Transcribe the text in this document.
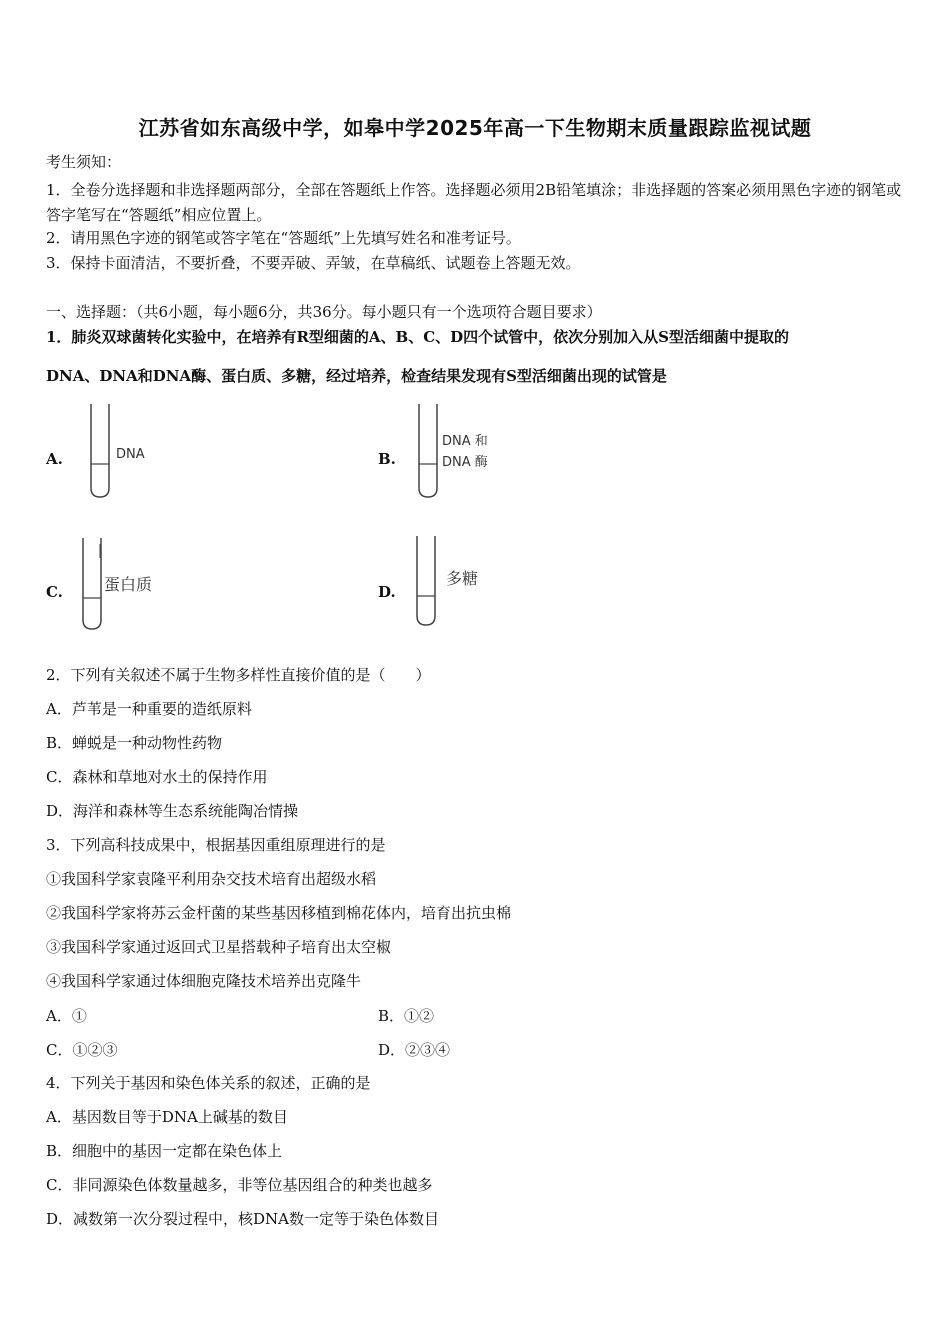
江苏省如东高级中学，如皋中学2025年高一下生物期末质量跟踪监视试题
考生须知：
1．全卷分选择题和非选择题两部分，全部在答题纸上作答。选择题必须用2B铅笔填涂；非选择题的答案必须用黑色字迹的钢笔或答字笔写在“答题纸”相应位置上。
2．请用黑色字迹的钢笔或答字笔在“答题纸”上先填写姓名和准考证号。
3．保持卡面清洁，不要折叠，不要弄破、弄皱，在草稿纸、试题卷上答题无效。
一、选择题：（共6小题，每小题6分，共36分。每小题只有一个选项符合题目要求）
1．肺炎双球菌转化实验中，在培养有R型细菌的A、B、C、D四个试管中，依次分别加入从S型活细菌中提取的
DNA、DNA和DNA酶、蛋白质、多糖，经过培养，检查结果发现有S型活细菌出现的试管是
A.	DNA	B.
DNA 和
DNA 酶
C.	蛋白质	D.
多糖
2．下列有关叙述不属于生物多样性直接价值的是（　　）
A．芦苇是一种重要的造纸原料
B．蝉蜕是一种动物性药物
C．森林和草地对水土的保持作用
D．海洋和森林等生态系统能陶冶情操
3．下列高科技成果中，根据基因重组原理进行的是
①我国科学家袁隆平利用杂交技术培育出超级水稻
②我国科学家将苏云金杆菌的某些基因移植到棉花体内，培育出抗虫棉
③我国科学家通过返回式卫星搭载种子培育出太空椒
④我国科学家通过体细胞克隆技术培养出克隆牛
A．①	B．①②
C．①②③	D．②③④
4．下列关于基因和染色体关系的叙述，正确的是
A．基因数目等于DNA上碱基的数目
B．细胞中的基因一定都在染色体上
C．非同源染色体数量越多，非等位基因组合的种类也越多
D．减数第一次分裂过程中，核DNA数一定等于染色体数目
